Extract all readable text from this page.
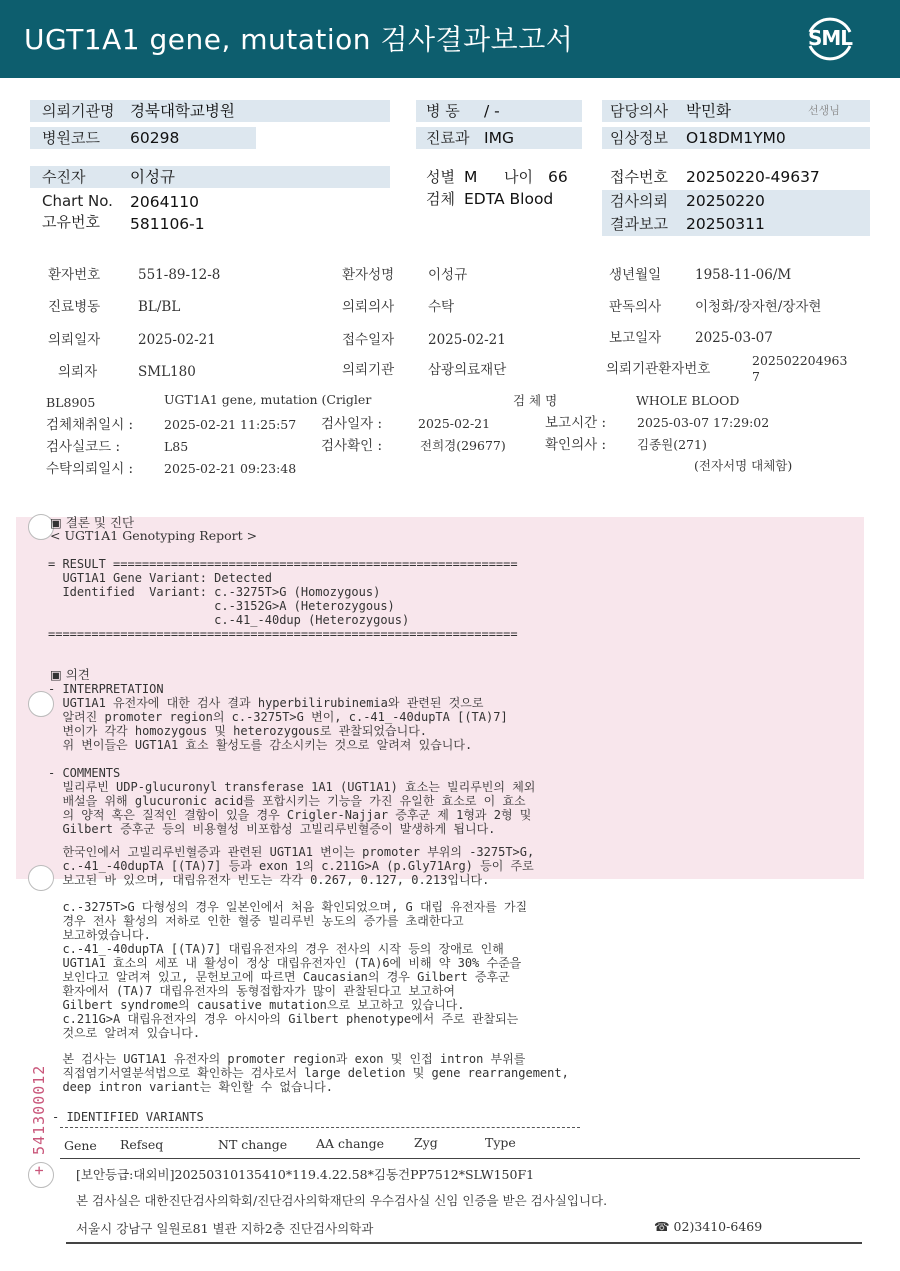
UGT1A1 gene, mutation 검사결과보고서	SML
의뢰기관명 경북대학교병원
병원코드 60298
병 동 / -
진료과 IMG
담당의사 박민화	선생님
임상정보 O18DM1YM0
수진자	이성규
Chart No. 2064110
고유번호 581106-1
성별 M 나이 66
검체 EDTA Blood
접수번호 20250220-49637
검사의뢰 20250220
결과보고 20250311
환자번호	551-89-12-8	환자성명	이성규	생년월일	1958-11-06/M
진료병동	BL/BL	의뢰의사	수탁	판독의사	이청화/장자현/장자현
의뢰일자	2025-02-21	접수일자	2025-02-21	보고일자	2025-03-07
의뢰자	SML180	의뢰기관	삼광의료재단	의뢰기관환자번호
202502204963
7
BL8905	UGT1A1 gene, mutation (Crigler	검 체 명	WHOLE BLOOD
검체채취일시 : 2025-02-21 11:25:57 검사일자 :	2025-02-21	보고시간 : 2025-03-07 17:29:02
검사실코드 :	L85	검사확인 :	전희경(29677)	확인의사 : 김종원(271)
수탁의뢰일시 : 2025-02-21 09:23:48	(전자서명 대체함)
▣ 결론 및 진단
< UGT1A1 Genotyping Report >
= RESULT ========================================================
UGT1A1 Gene Variant: Detected
Identified  Variant: c.-3275T>G (Homozygous)
c.-3152G>A (Heterozygous)
c.-41_-40dup (Heterozygous)
=================================================================
▣ 의견
- INTERPRETATION
UGT1A1 유전자에 대한 검사 결과 hyperbilirubinemia와 관련된 것으로
알려진 promoter region의 c.-3275T>G 변이, c.-41_-40dupTA [(TA)7]
변이가 각각 homozygous 및 heterozygous로 관찰되었습니다.
위 변이들은 UGT1A1 효소 활성도를 감소시키는 것으로 알려져 있습니다.
- COMMENTS
빌리루빈 UDP-glucuronyl transferase 1A1 (UGT1A1) 효소는 빌리루빈의 체외
배설을 위해 glucuronic acid를 포합시키는 기능을 가진 유일한 효소로 이 효소
의 양적 혹은 질적인 결함이 있을 경우 Crigler-Najjar 증후군 제 1형과 2형 및
Gilbert 증후군 등의 비용혈성 비포합성 고빌리루빈혈증이 발생하게 됩니다.
한국인에서 고빌리루빈혈증과 관련된 UGT1A1 변이는 promoter 부위의 -3275T>G,
c.-41_-40dupTA [(TA)7] 등과 exon 1의 c.211G>A (p.Gly71Arg) 등이 주로
보고된 바 있으며, 대립유전자 빈도는 각각 0.267, 0.127, 0.213입니다.
c.-3275T>G 다형성의 경우 일본인에서 처음 확인되었으며, G 대립 유전자를 가질
경우 전사 활성의 저하로 인한 혈중 빌리루빈 농도의 증가를 초래한다고
보고하였습니다.
c.-41_-40dupTA [(TA)7] 대립유전자의 경우 전사의 시작 등의 장애로 인해
UGT1A1 효소의 세포 내 활성이 정상 대립유전자인 (TA)6에 비해 약 30% 수준을
보인다고 알려져 있고, 문헌보고에 따르면 Caucasian의 경우 Gilbert 증후군
환자에서 (TA)7 대립유전자의 동형접합자가 많이 관찰된다고 보고하여
Gilbert syndrome의 causative mutation으로 보고하고 있습니다.
c.211G>A 대립유전자의 경우 아시아의 Gilbert phenotype에서 주로 관찰되는
것으로 알려져 있습니다.
본 검사는 UGT1A1 유전자의 promoter region과 exon 및 인접 intron 부위를
직접염기서열분석법으로 확인하는 검사로서 large deletion 및 gene rearrangement,
deep intron variant는 확인할 수 없습니다.
- IDENTIFIED VARIANTS
Gene Refseq	NT change AA change Zyg	Type
[보안등급:대외비]20250310135410*119.4.22.58*김동건PP7512*SLW150F1
본 검사실은 대한진단검사의학회/진단검사의학재단의 우수검사실 신임 인증을 받은 검사실입니다.
서울시 강남구 일원로81 별관 지하2층 진단검사의학과	☎ 02)3410-6469
+ 541300012
